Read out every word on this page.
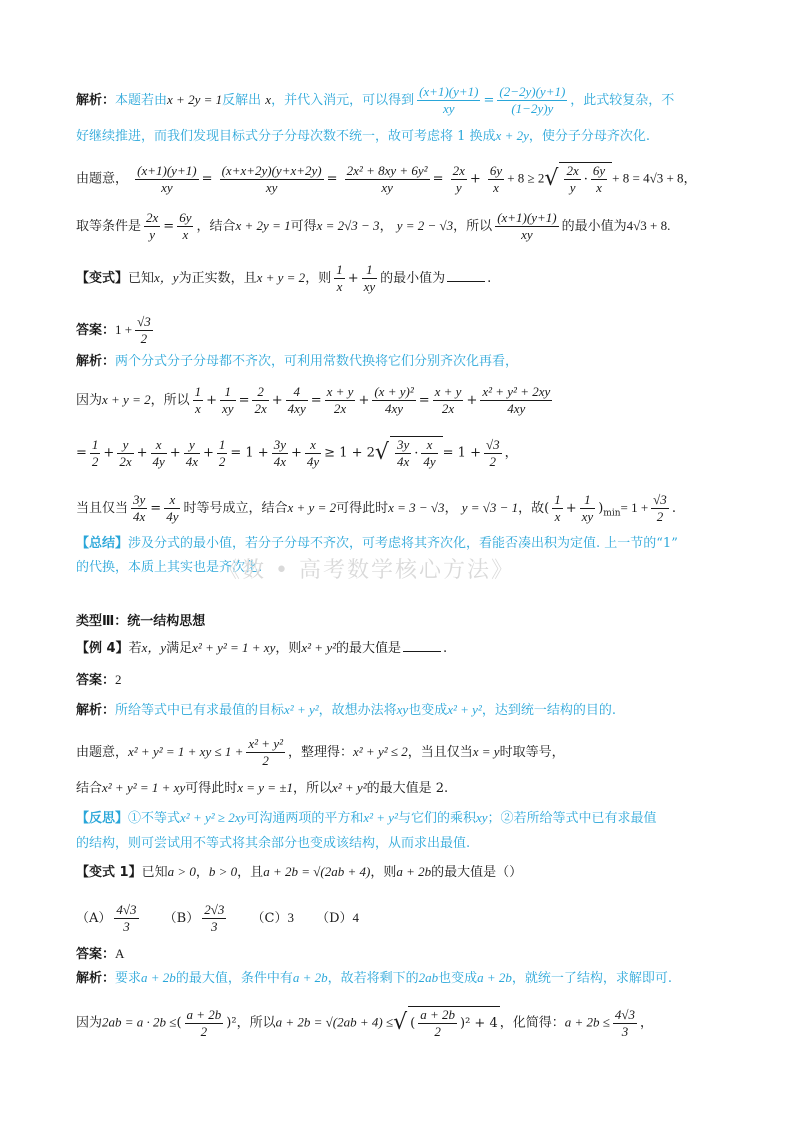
解析：本题若由x + 2y = 1反解出 x，并代入消元，可以得到 $\frac{(x+1)(y+1)}{xy} = \frac{(2-2y)(y+1)}{(1-2y)y}$ ，此式较复杂，不
好继续推进，而我们发现目标式分子分母次数不统一，故可考虑将 1 换成x + 2y，使分子分母齐次化.
由题意， $\frac{(x+1)(y+1)}{xy} = \frac{(x+x+2y)(y+x+2y)}{xy} = \frac{\text{2x² + 8xy + 6y²}}{xy} = \frac{2x}{y} + \frac{6y}{x} + 8 \ge 2√ \frac{2x}{y} \cdot \frac{6y}{x} + 8 = 4√3 + 8$，
取等条件是 $\frac{2x}{y} = \frac{6y}{x}$ ，结合x + 2y = 1可得x = 2√3 − 3， y = 2 − √3，所以 $\frac{(x+1)(y+1)}{xy}$ 的最小值为4√3 + 8.
【变式】已知x，y为正实数，且x + y = 2，则 $\frac{1}{x} + \frac{1}{xy}$ 的最小值为	.
答案：$1 + \frac{√3}{2}$
解析：两个分式分子分母都不齐次，可利用常数代换将它们分别齐次化再看，
因为x + y = 2，所以 $\frac{1}{x} + \frac{1}{xy} = \frac{2}{2x} + \frac{4}{4xy} = \frac{x + y}{2x} + \frac{\text{(x + y)²}}{4xy} = \frac{x + y}{2x} + \frac{\text{x² + y² + 2xy}}{4xy}$
= $\frac{1}{2} + \frac{y}{2x} + \frac{x}{4y} + \frac{y}{4x} + \frac{1}{2} = 1 + \frac{3y}{4x} + \frac{x}{4y} \ge 1 + 2√ \frac{3y}{4x} \cdot \frac{x}{4y} = 1 + \frac{√3}{2}$ ，
当且仅当 $\frac{3y}{4x} = \frac{x}{4y}$ 时等号成立，结合x + y = 2可得此时x = 3 − √3， y = √3 − 1，故( $\frac{1}{x} + \frac{1}{xy} )_{min}= 1 + \frac{√3}{2}$ .
【总结】涉及分式的最小值，若分子分母不齐次，可考虑将其齐次化，看能否凑出积为定值. 上一节的“1”
的代换，本质上其实也是齐次化.
《数 • 高考数学核心方法》
类型Ⅲ：统一结构思想
【例 4】若x，y满足x² + y² = 1 + xy，则x² + y²的最大值是	.
答案：2
解析：所给等式中已有求最值的目标x² + y²，故想办法将xy也变成x² + y²，达到统一结构的目的.
由题意，x² + y² = 1 + xy ≤ $1 + \frac{\text{x² + y²}}{2}$ ，整理得：x² + y² ≤ 2，当且仅当x = y时取等号，
结合x² + y² = 1 + xy可得此时x = y = ±1，所以x² + y²的最大值是 2.
【反思】①不等式x² + y² ≥ 2xy可沟通两项的平方和x² + y²与它们的乘积xy；②若所给等式中已有求最值
的结构，则可尝试用不等式将其余部分也变成该结构，从而求出最值.
【变式 1】已知a > 0，b > 0，且a + 2b = √(2ab + 4)，则a + 2b的最大值是（）
$(A) \frac{4√3}{3} (B) \frac{2√3}{3} (C)3$ （D）4
答案：A
解析：要求a + 2b的最大值，条件中有a + 2b，故若将剩下的2ab也变成a + 2b，就统一了结构，求解即可.
因为2ab = a · 2b ≤( $\frac{a + 2b}{2} )^2$，所以a + 2b = √(2ab + 4) ≤√ ( $\frac{a + 2b}{2} )^2 + 4$ ，化简得：$a + 2b \le \frac{4√3}{3}$ ，
